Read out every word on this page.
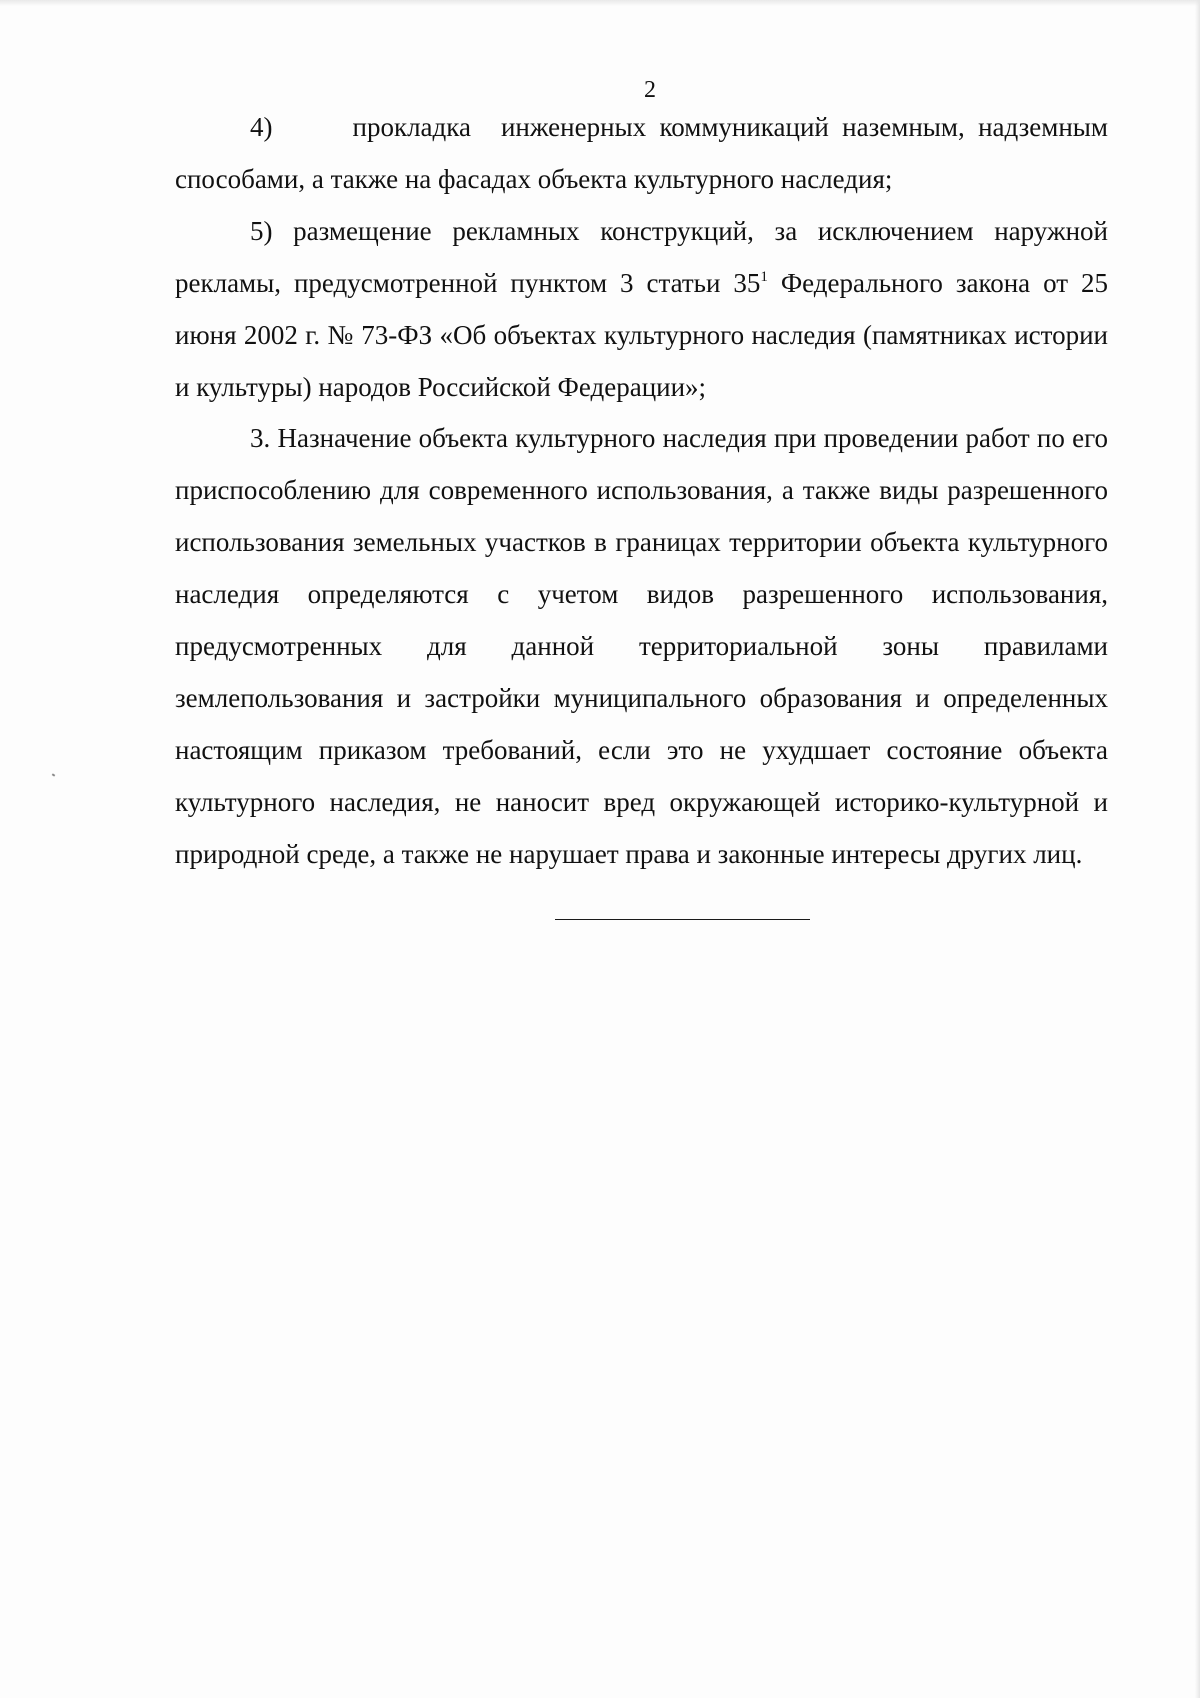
2

4)	прокладка инженерных коммуникаций наземным, надземным способами, а также на фасадах объекта культурного наследия;

5) размещение рекламных конструкций, за исключением наружной рекламы, предусмотренной пунктом 3 статьи $35^1$ Федерального закона от 25 июня 2002 г. № 73-ФЗ «Об объектах культурного наследия (памятниках истории и культуры) народов Российской Федерации»;

3. Назначение объекта культурного наследия при проведении работ по его приспособлению для современного использования, а также виды разрешенного использования земельных участков в границах территории объекта культурного наследия определяются с учетом видов разрешенного использования, предусмотренных для данной территориальной зоны правилами землепользования и застройки муниципального образования и определенных настоящим приказом требований, если это не ухудшает состояние объекта культурного наследия, не наносит вред окружающей историко-культурной и природной среде, а также не нарушает права и законные интересы других лиц.
